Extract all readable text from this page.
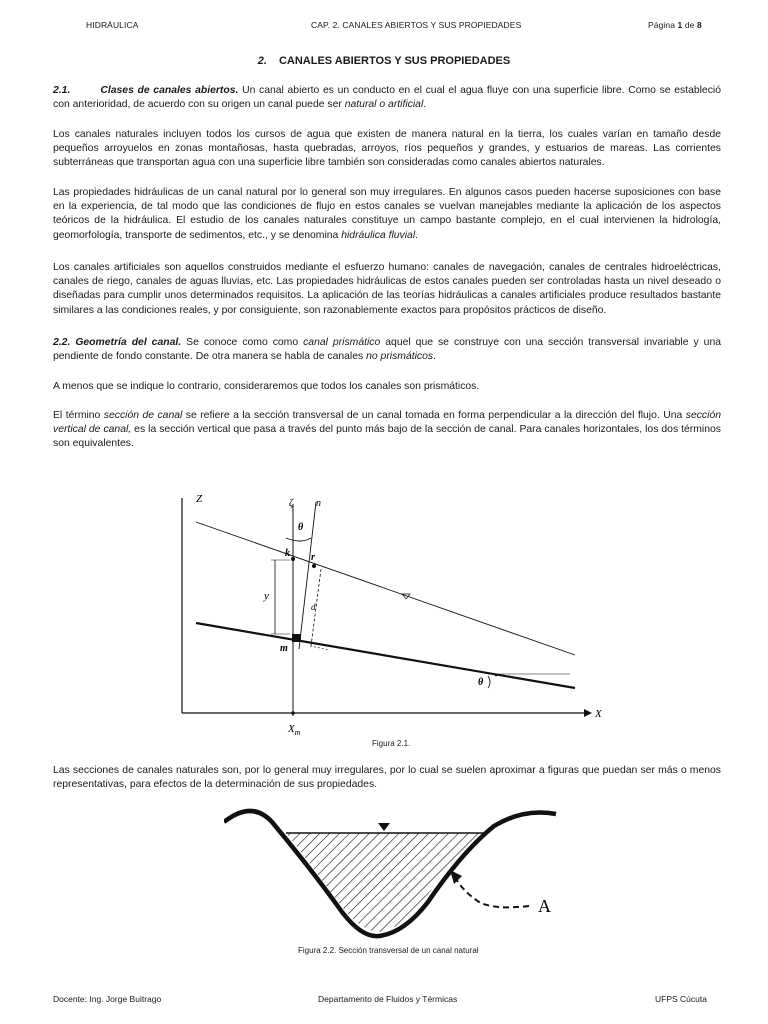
HIDRÁULICA	CAP. 2. CANALES ABIERTOS Y SUS PROPIEDADES	Página 1 de 8
2. CANALES ABIERTOS Y SUS PROPIEDADES

2.1.	Clases de canales abiertos. Un canal abierto es un conducto en el cual el agua fluye con una superficie libre. Como se estableció con anterioridad, de acuerdo con su origen un canal puede ser natural o artificial.

Los canales naturales incluyen todos los cursos de agua que existen de manera natural en la tierra, los cuales varían en tamaño desde pequeños arroyuelos en zonas montañosas, hasta quebradas, arroyos, ríos pequeños y grandes, y estuarios de mareas. Las corrientes subterráneas que transportan agua con una superficie libre también son consideradas como canales abiertos naturales.

Las propiedades hidráulicas de un canal natural por lo general son muy irregulares. En algunos casos pueden hacerse suposiciones con base en la experiencia, de tal modo que las condiciones de flujo en estos canales se vuelvan manejables mediante la aplicación de los aspectos teóricos de la hidráulica. El estudio de los canales naturales constituye un campo bastante complejo, en el cual intervienen la hidrología, geomorfología, transporte de sedimentos, etc., y se denomina hidráulica fluvial.

Los canales artificiales son aquellos construidos mediante el esfuerzo humano: canales de navegación, canales de centrales hidroeléctricas, canales de riego, canales de aguas lluvias, etc. Las propiedades hidráulicas de estos canales pueden ser controladas hasta un nivel deseado o diseñadas para cumplir unos determinados requisitos. La aplicación de las teorías hidráulicas a canales artificiales produce resultados bastante similares a las condiciones reales, y por consiguiente, son razonablemente exactos para propósitos prácticos de diseño.

2.2. Geometría del canal. Se conoce como como canal prismático aquel que se construye con una sección transversal invariable y una pendiente de fondo constante. De otra manera se habla de canales no prismáticos.

A menos que se indique lo contrario, consideraremos que todos los canales son prismáticos.

El término sección de canal se refiere a la sección transversal de un canal tomada en forma perpendicular a la dirección del flujo. Una sección vertical de canal, es la sección vertical que pasa a través del punto más bajo de la sección de canal. Para canales horizontales, los dos términos son equivalentes.

Z
X
ζ n
θ
k r
m
y
d
θ
$X_m$
Figura 2.1.

Las secciones de canales naturales son, por lo general muy irregulares, por lo cual se suelen aproximar a figuras que puedan ser más o menos representativas, para efectos de la determinación de sus propiedades.

A
Figura 2.2. Sección transversal de un canal natural
Docente: Ing. Jorge Buitrago	Departamento de Fluidos y Térmicas	UFPS Cúcuta
